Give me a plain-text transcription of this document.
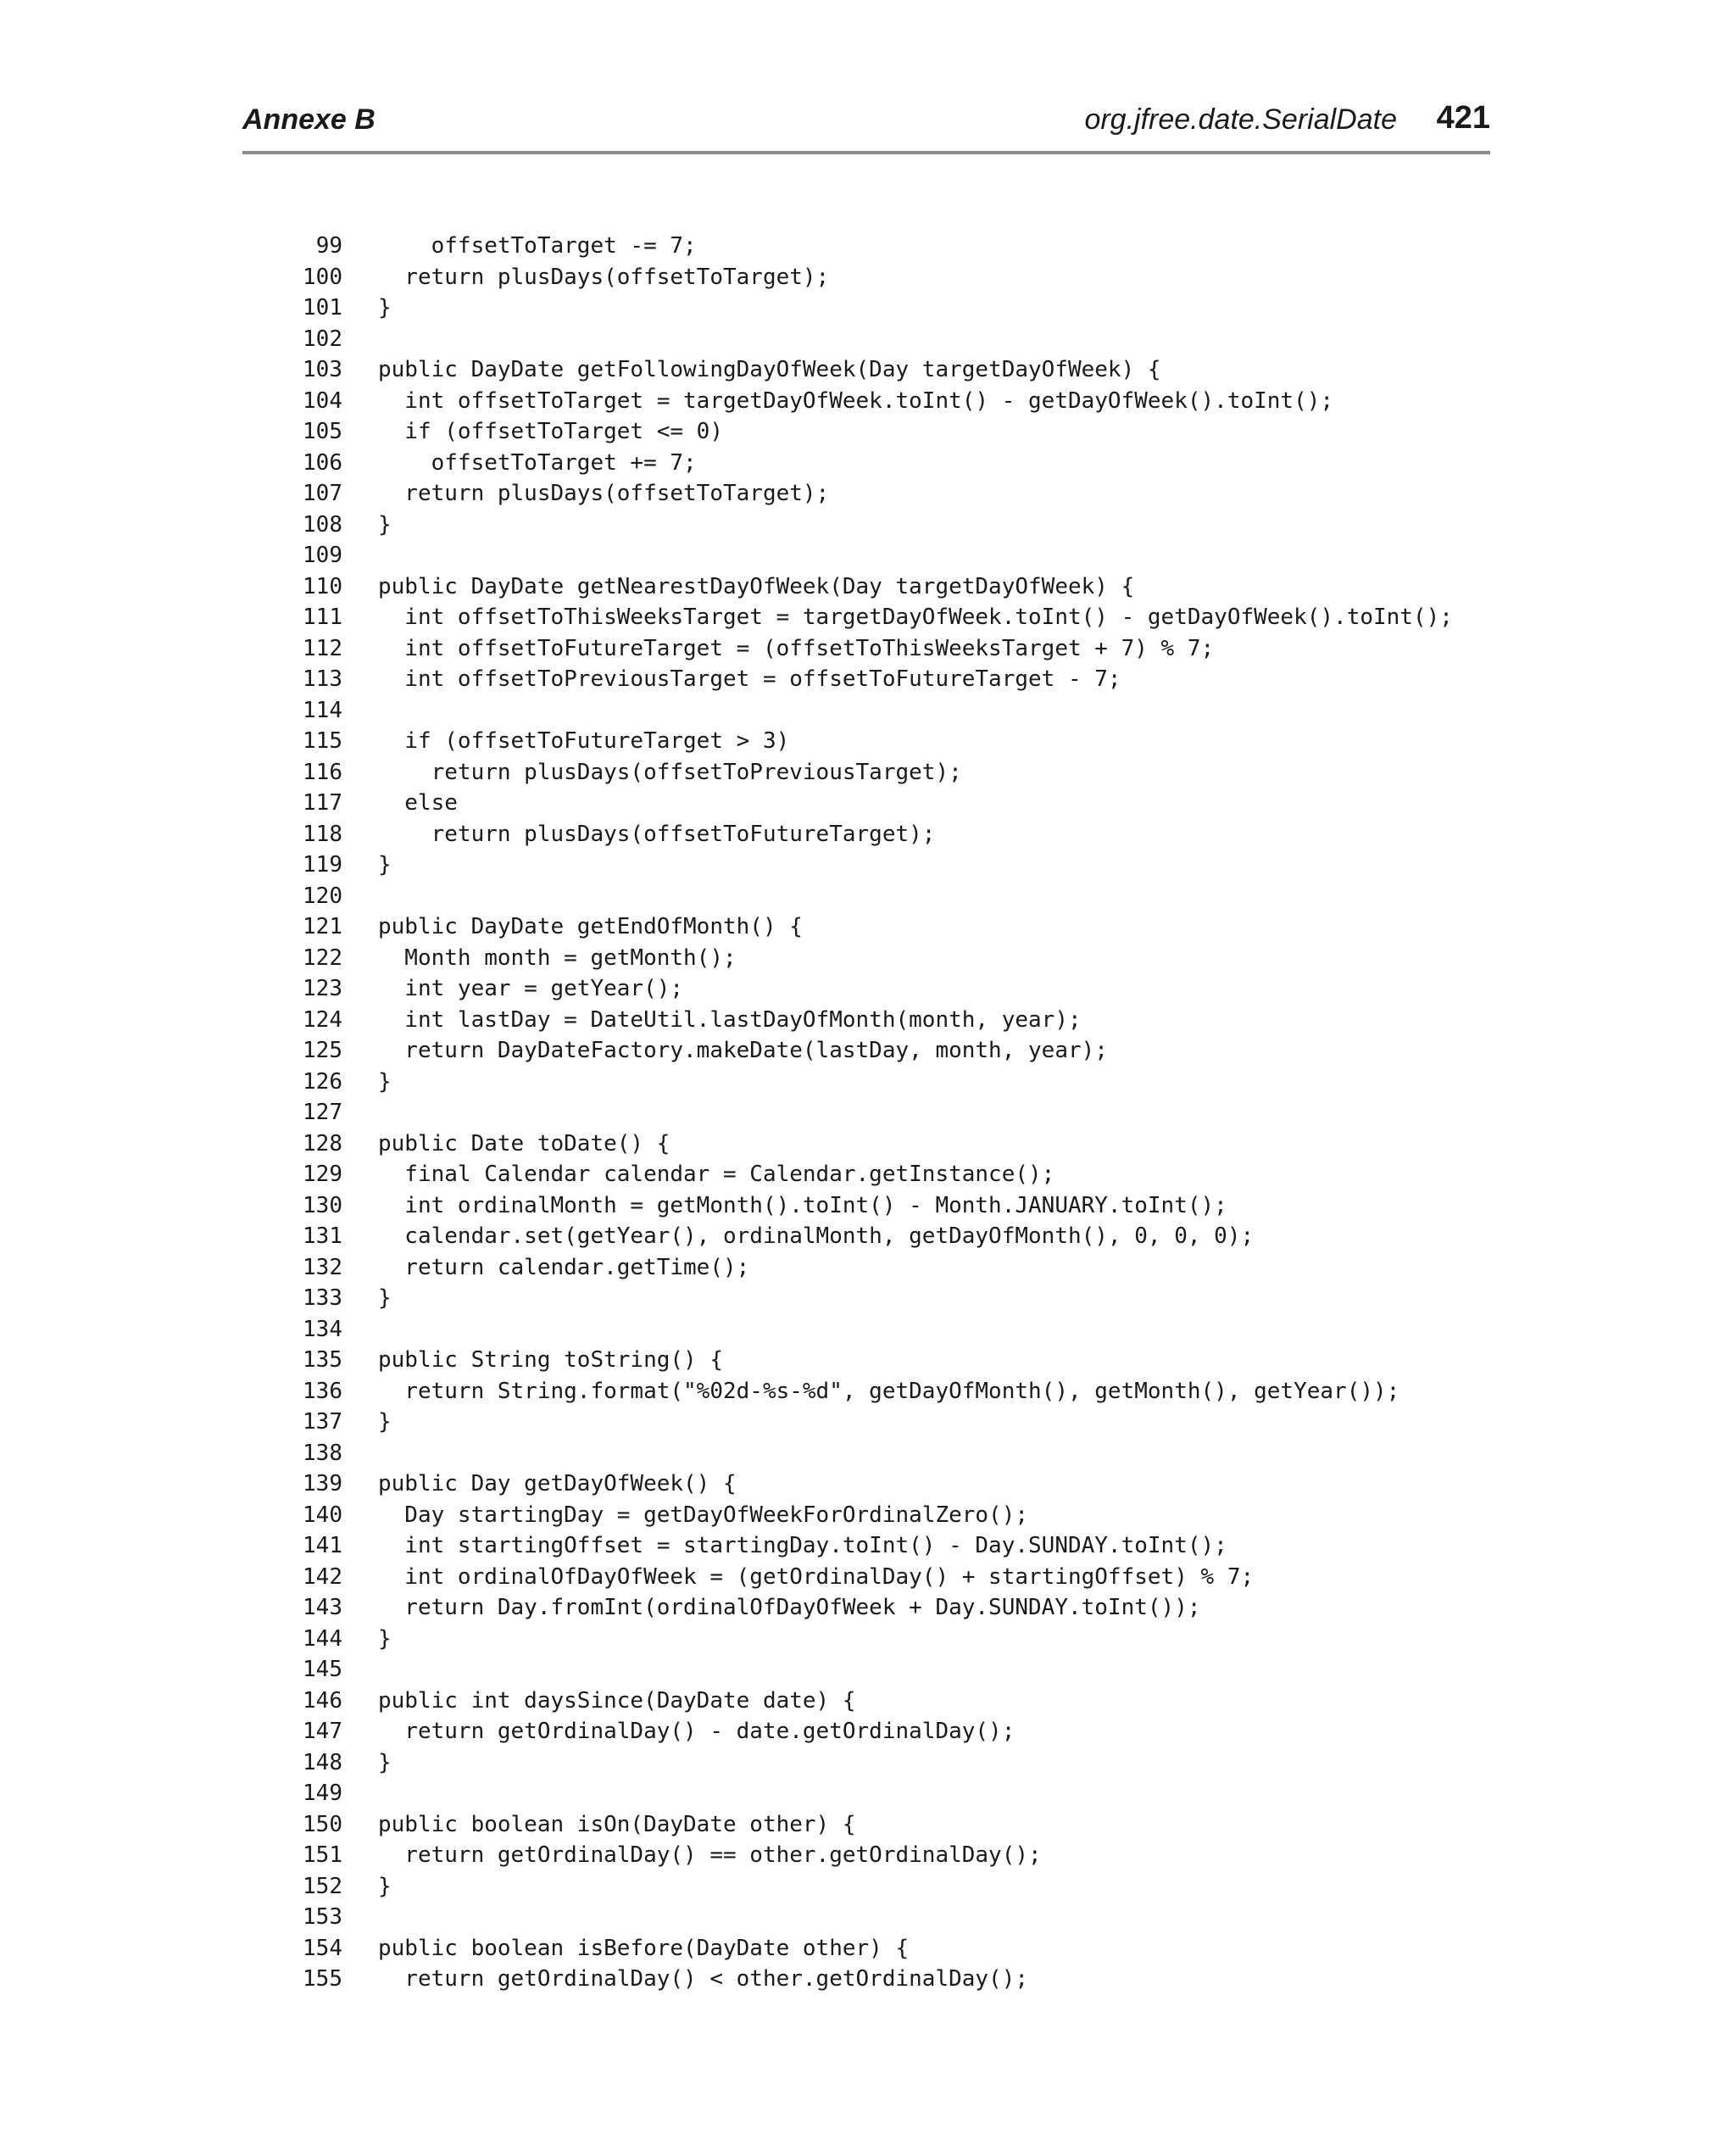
Annexe B	org.jfree.date.SerialDate 421
99	offsetToTarget -= 7;
100	return plusDays(offsetToTarget);
101	}
102
103	public DayDate getFollowingDayOfWeek(Day targetDayOfWeek) {
104	int offsetToTarget = targetDayOfWeek.toInt() - getDayOfWeek().toInt();
105	if (offsetToTarget <= 0)
106	offsetToTarget += 7;
107	return plusDays(offsetToTarget);
108	}
109
110	public DayDate getNearestDayOfWeek(Day targetDayOfWeek) {
111	int offsetToThisWeeksTarget = targetDayOfWeek.toInt() - getDayOfWeek().toInt();
112	int offsetToFutureTarget = (offsetToThisWeeksTarget + 7) % 7;
113	int offsetToPreviousTarget = offsetToFutureTarget - 7;
114
115	if (offsetToFutureTarget > 3)
116	return plusDays(offsetToPreviousTarget);
117	else
118	return plusDays(offsetToFutureTarget);
119	}
120
121	public DayDate getEndOfMonth() {
122	Month month = getMonth();
123	int year = getYear();
124	int lastDay = DateUtil.lastDayOfMonth(month, year);
125	return DayDateFactory.makeDate(lastDay, month, year);
126	}
127
128	public Date toDate() {
129	final Calendar calendar = Calendar.getInstance();
130	int ordinalMonth = getMonth().toInt() - Month.JANUARY.toInt();
131	calendar.set(getYear(), ordinalMonth, getDayOfMonth(), 0, 0, 0);
132	return calendar.getTime();
133	}
134
135	public String toString() {
136	return String.format("%02d-%s-%d", getDayOfMonth(), getMonth(), getYear());
137	}
138
139	public Day getDayOfWeek() {
140	Day startingDay = getDayOfWeekForOrdinalZero();
141	int startingOffset = startingDay.toInt() - Day.SUNDAY.toInt();
142	int ordinalOfDayOfWeek = (getOrdinalDay() + startingOffset) % 7;
143	return Day.fromInt(ordinalOfDayOfWeek + Day.SUNDAY.toInt());
144	}
145
146	public int daysSince(DayDate date) {
147	return getOrdinalDay() - date.getOrdinalDay();
148	}
149
150	public boolean isOn(DayDate other) {
151	return getOrdinalDay() == other.getOrdinalDay();
152	}
153
154	public boolean isBefore(DayDate other) {
155	return getOrdinalDay() < other.getOrdinalDay();
